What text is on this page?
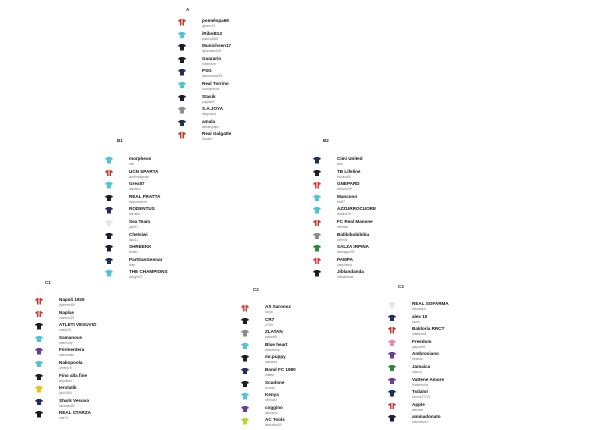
A
pomelopa69
gihann74
iRiboB13
antonio888
Munichsen17
alpacafan200
Guarario
robertoerr
PSG
desmonda226
Real Torrino
rocciopenna
Stasik
paglia09
S.A.JOYA
diegocara
amala
alessiopapo
Real Galgatte
ciccam
B1
morpheus
neil
UCN SPARTA
worthmagnum
Grex87
ubiofaro
REAL FRATTA
thepresident
RODENTUS
harraka
Sea Team
gurf21
Chelsiwi
akki11
SHREEKK
fredriv
PartSanGennar
aute
THE CHAMPIONS
dought73
B2
Cimi United
pino
TB Lifeline
fuccirio66
GNEPARD
sirturcio99
Mancoon
frin87
AZZURROCUORE
cristina78
FC Real Manone
vifeman
Bidibibobibibu
lorenini
SALZA IRPINA
thewagon99
PAMPA
pattyhamp
Jiblandanda
tobiaslanda
C1
Napoli 1926
guerrero89
Naplas
marteo022
ATLETI VESUVIO
mattis78
Samanous
marmorty
Formentera
macarmas
Nakopoola
oreary78
Fino alla fine
alcpatrizi
Ierolatik
jack1984
Shark Vesuvo
lucamas89
REAL STARZA
mat74
C2
AS Saronoz
lonyd
CR7
cr780
ZLATAN
zlatan65
Blue heart
andrefana
mr.puppy
sabastra
Bond FC 1980
uriarte
Scudone
scorda
Kenya
ultimo80
coggino
dkoracco
AC Tools
fabriziton53
C3
REAL SOFARMA
theosfano
alex 10
kazm
Baldoria RRCT
raffabarrill
Freedom
giapoch8
Ambrosiano
ritrando
Jamaica
marcoj
Vattene Amore
frantemona
Tsdalol
tommy777Z1
Apple
alevann
ammadonato
antonimmo
